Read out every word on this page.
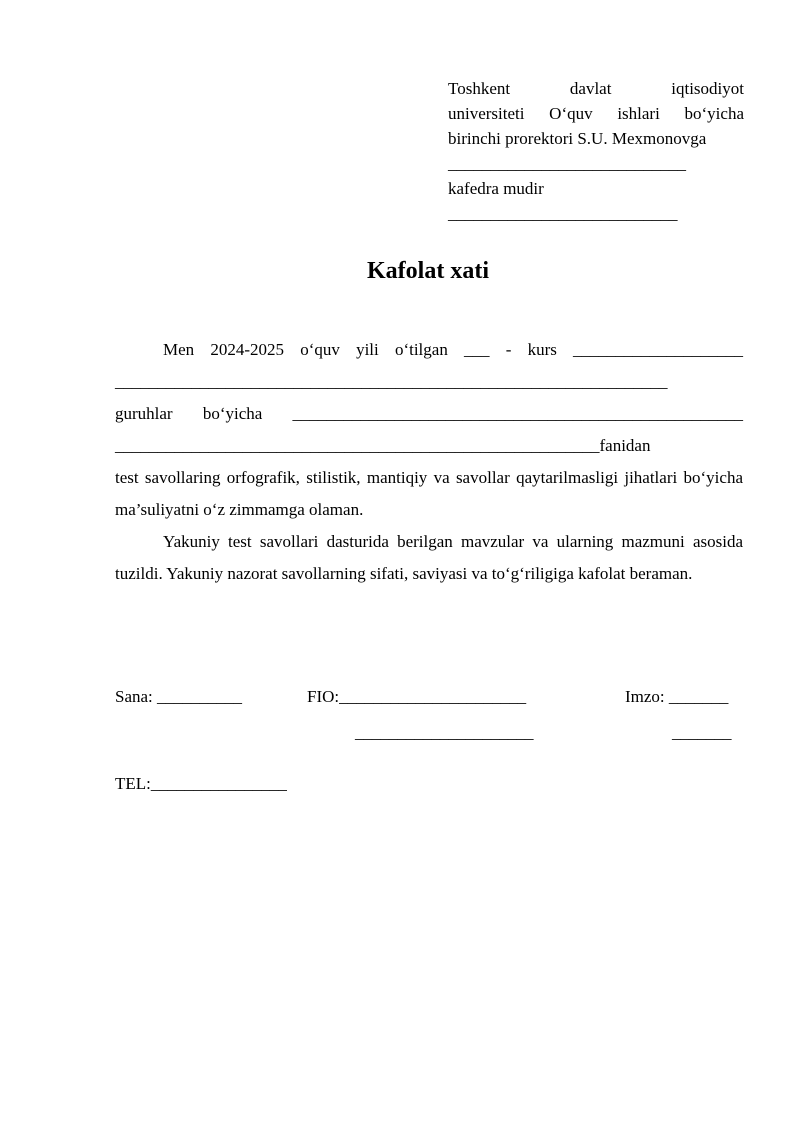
Toshkent davlat iqtisodiyot
universiteti O‘quv ishlari bo‘yicha
birinchi prorektori S.U. Mexmonovga
____________________________
kafedra mudir
___________________________
Kafolat xati
Men 2024-2025 o‘quv yili o‘tilgan ___ - kurs ____________________
_________________________________________________________________
guruhlar bo‘yicha _____________________________________________________
_________________________________________________________fanidan
test savollaring orfografik, stilistik, mantiqiy va savollar qaytarilmasligi jihatlari bo‘yicha ma’suliyatni o‘z zimmamga olaman.
Yakuniy test savollari dasturida berilgan mavzular va ularning mazmuni asosida tuzildi. Yakuniy nazorat savollarning sifati, saviyasi va to‘g‘riligiga kafolat beraman.
Sana: __________	FIO:______________________	Imzo: _______
_____________________	_______
TEL:________________
